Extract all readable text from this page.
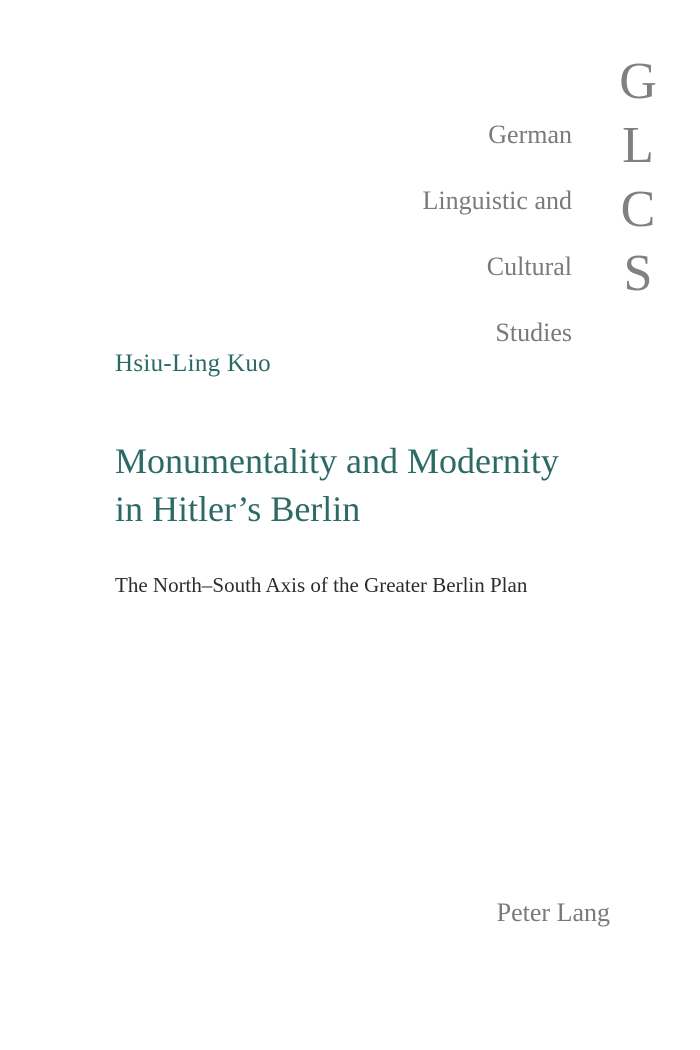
German
Linguistic and
Cultural
Studies
G
L
C
S
Hsiu-Ling Kuo
Monumentality and Modernity
in Hitler’s Berlin
The North–South Axis of the Greater Berlin Plan
Peter Lang
